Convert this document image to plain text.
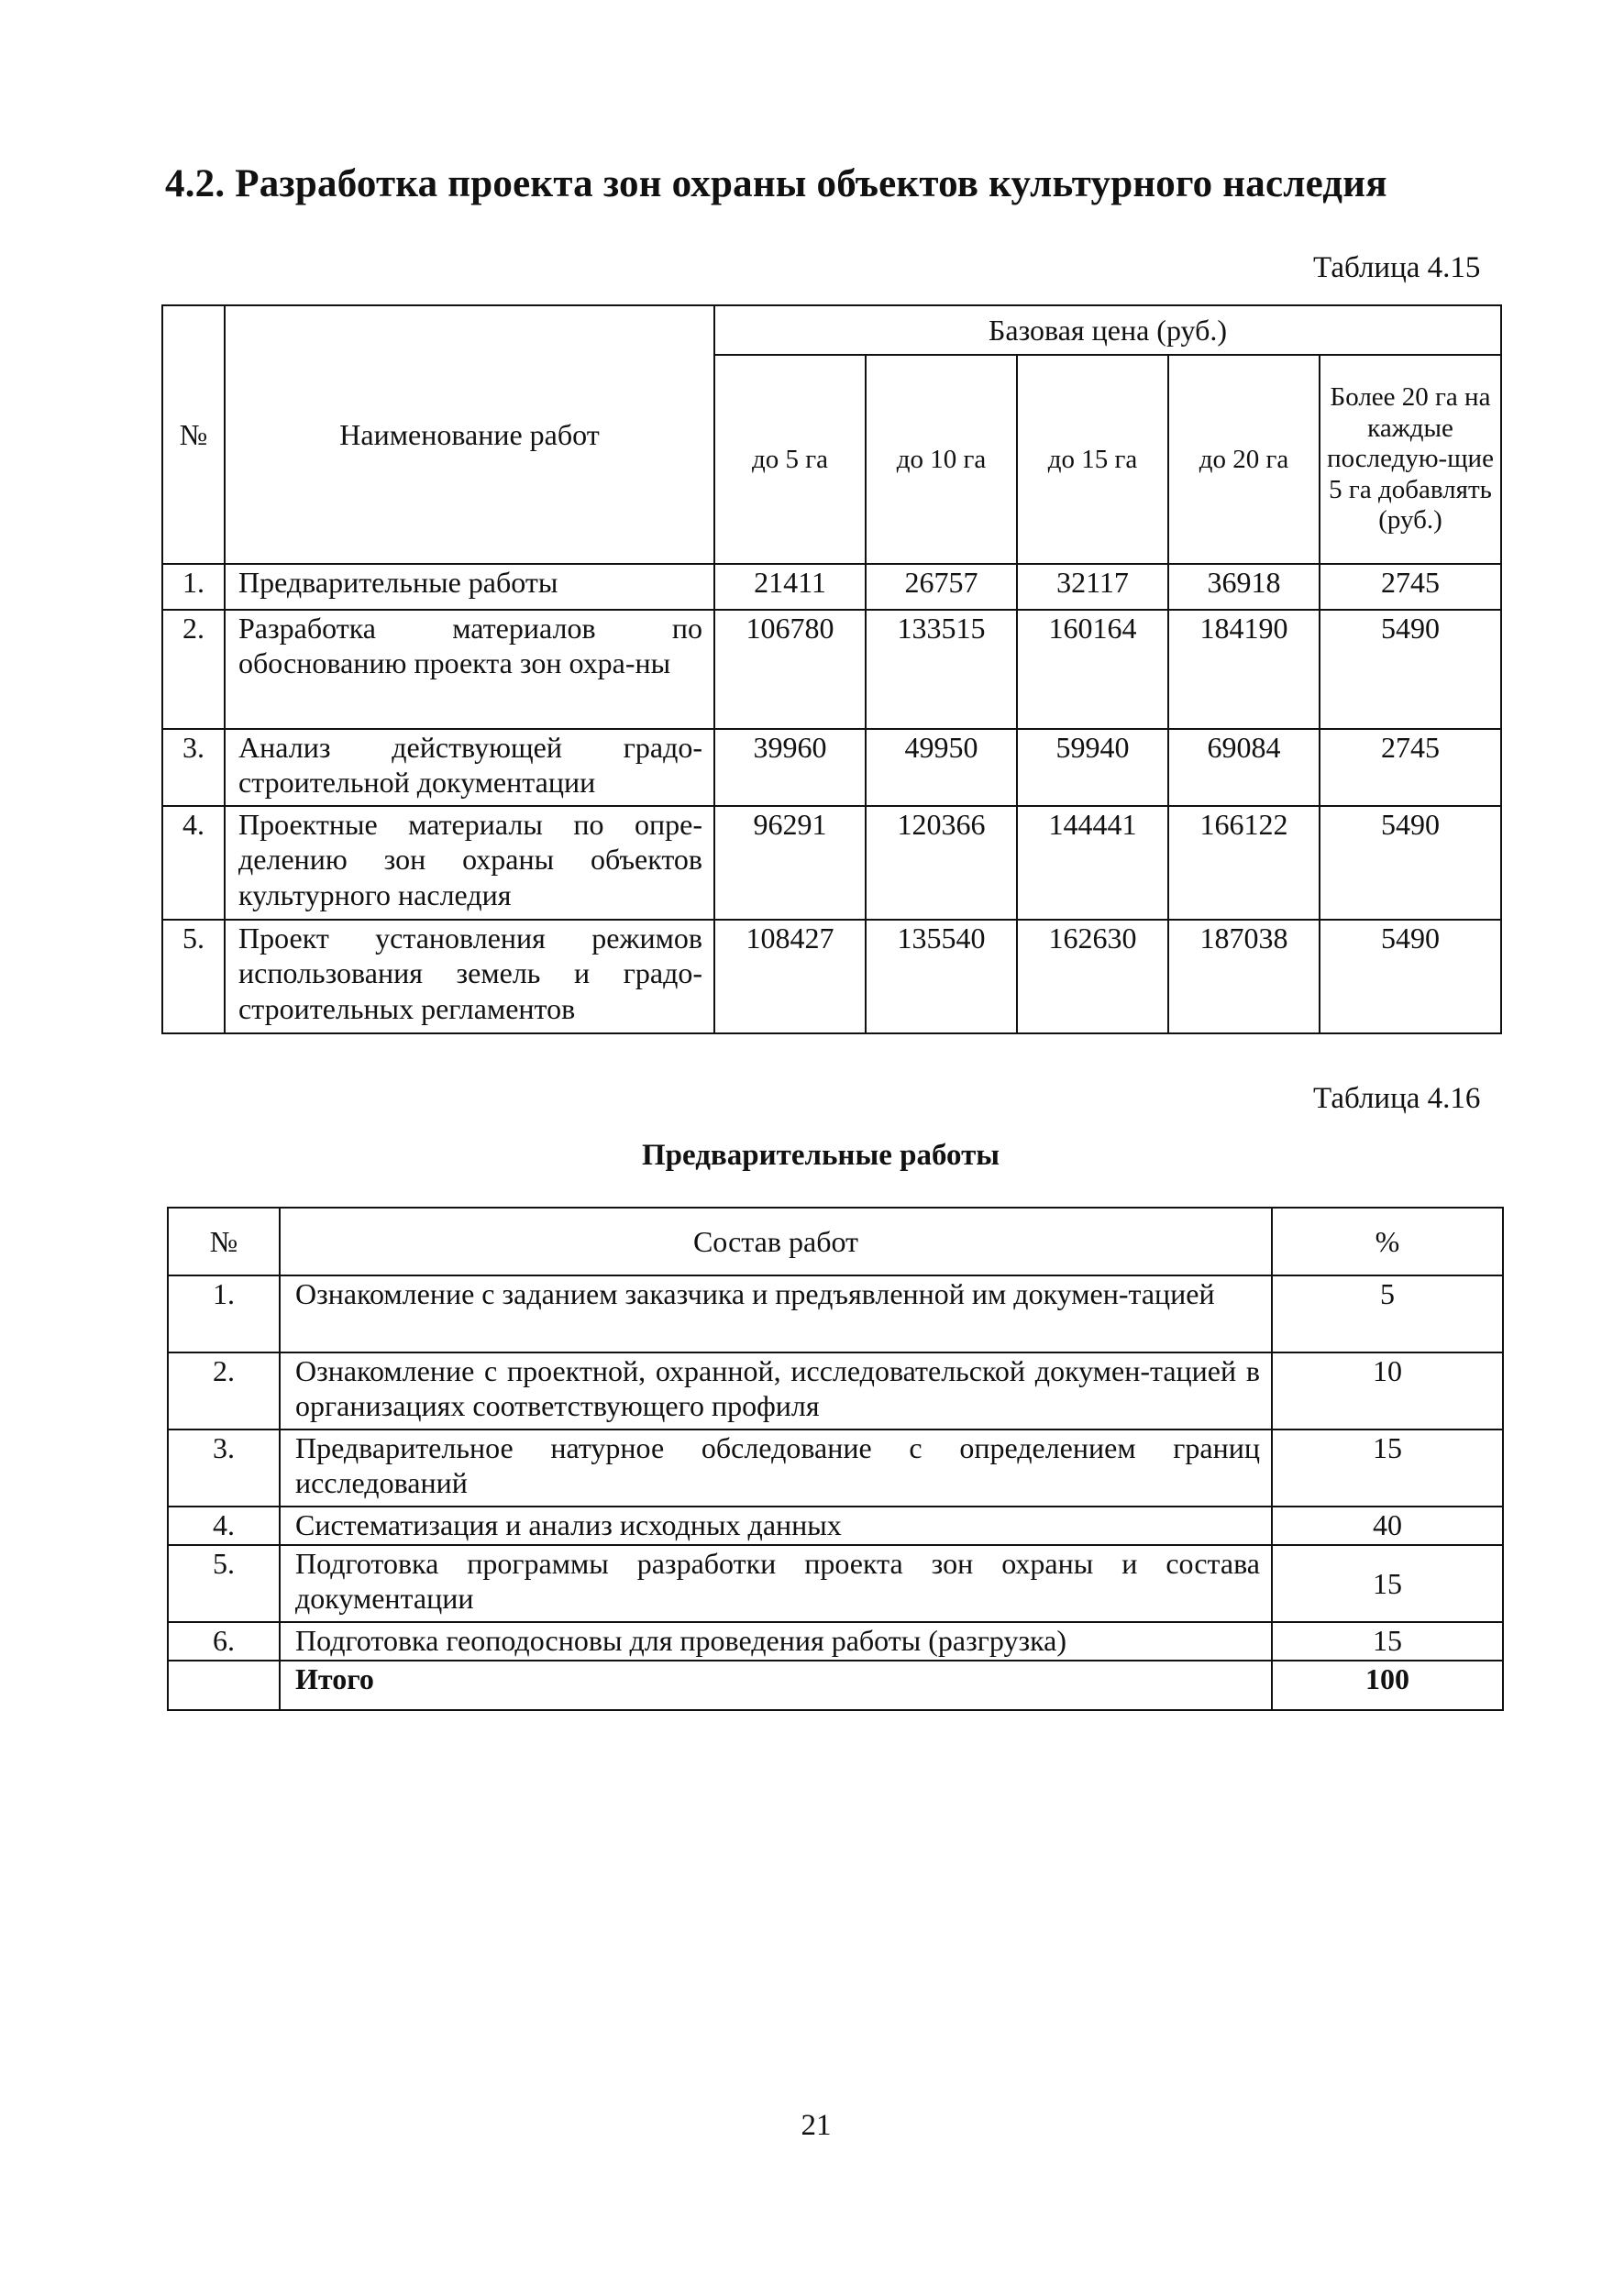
4.2. Разработка проекта зон охраны объектов культурного наследия
Таблица 4.15
№	Наименование работ	Базовая цена (руб.)				
		до 5 га	до 10 га	до 15 га	до 20 га	Более 20 га на каждые последую-щие 5 га добавлять (руб.)
1.	Предварительные работы	21411	26757	32117	36918	2745
2.	Разработка материалов по обоснованию проекта зон охра-ны	106780	133515	160164	184190	5490
3.	Анализ действующей градо-строительной документации	39960	49950	59940	69084	2745
4.	Проектные материалы по опре-делению зон охраны объектов культурного наследия	96291	120366	144441	166122	5490
5.	Проект установления режимов использования земель и градо-строительных регламентов	108427	135540	162630	187038	5490
Таблица 4.16
Предварительные работы
№	Состав работ	%
1.	Ознакомление с заданием заказчика и предъявленной им докумен-тацией	5
2.	Ознакомление с проектной, охранной, исследовательской докумен-тацией в организациях соответствующего профиля	10
3.	Предварительное натурное обследование с определением границ исследований	15
4.	Систематизация и анализ исходных данных	40
5.	Подготовка программы разработки проекта зон охраны и состава документации	15
6.	Подготовка геоподосновы для проведения работы (разгрузка)	15
	Итого	100
21
